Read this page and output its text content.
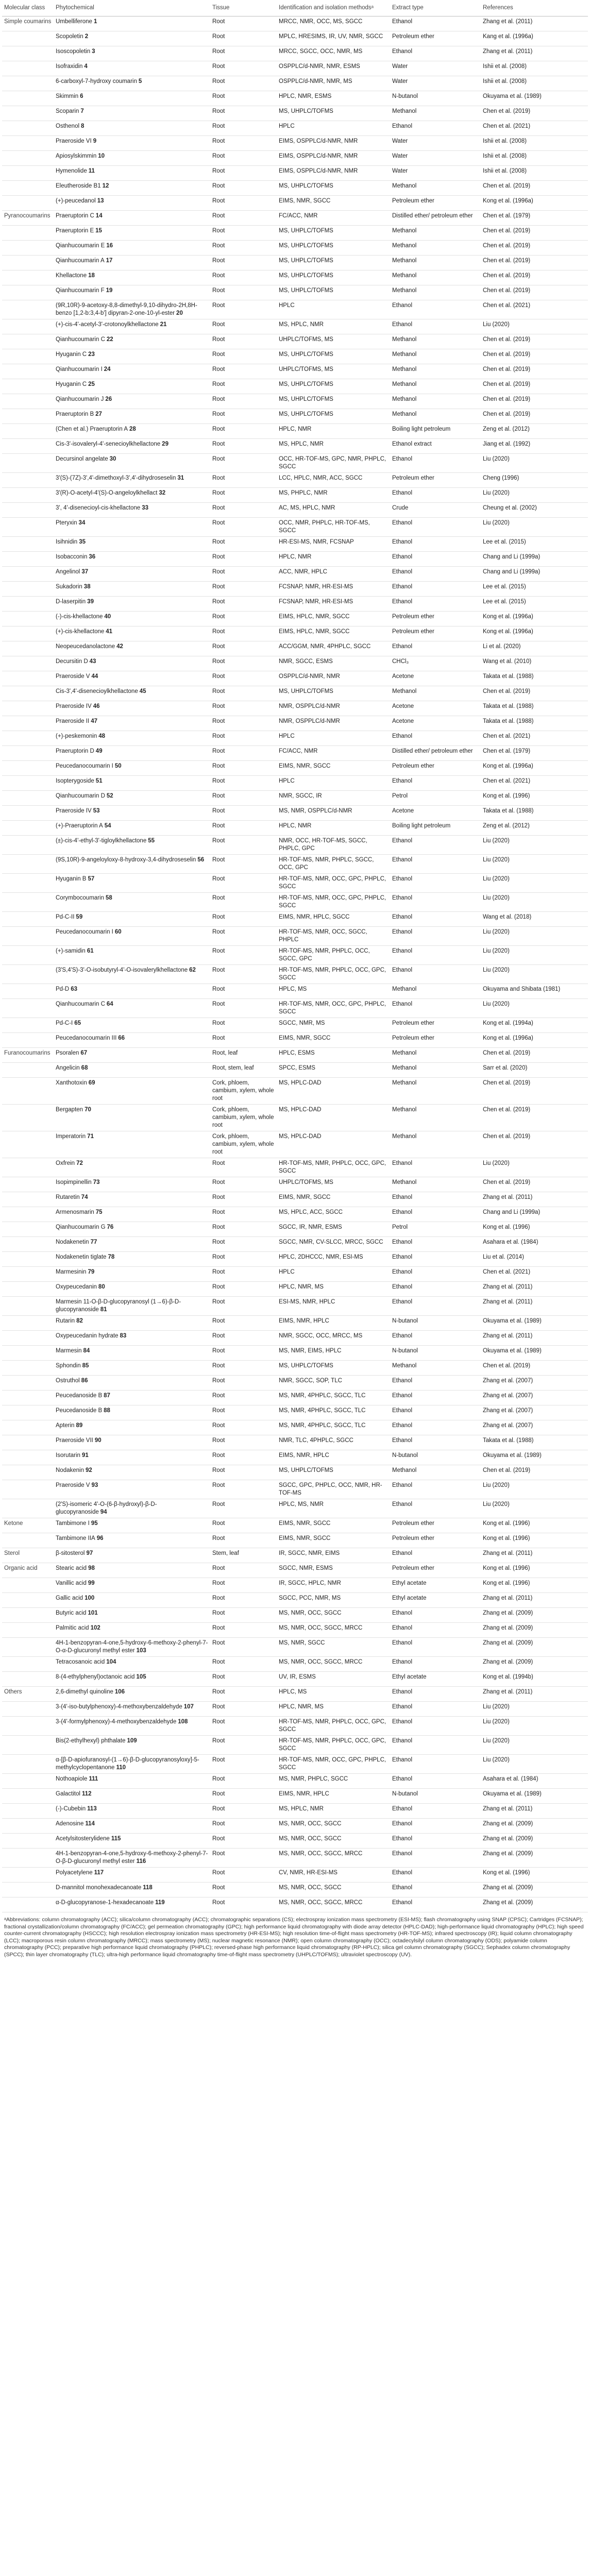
Molecular class	Phytochemical	Tissue	Identification and isolation methodsᵃ	Extract type	References
Simple coumarins	Umbelliferone 1	Root	MRCC, NMR, OCC, MS, SGCC	Ethanol	Zhang et al. (2011)
	Scopoletin 2	Root	MPLC, HRESIMS, IR, UV, NMR, SGCC	Petroleum ether	Kang et al. (1996a)
	Isoscopoletin 3	Root	MRCC, SGCC, OCC, NMR, MS	Ethanol	Zhang et al. (2011)
	Isofraxidin 4	Root	OSPPLC/d-NMR, NMR, ESMS	Water	Ishii et al. (2008)
	6-carboxyl-7-hydroxy coumarin 5	Root	OSPPLC/d-NMR, NMR, MS	Water	Ishii et al. (2008)
	Skimmin 6	Root	HPLC, NMR, ESMS	N-butanol	Okuyama et al. (1989)
	Scoparin 7	Root	MS, UHPLC/TOFMS	Methanol	Chen et al. (2019)
	Osthenol 8	Root	HPLC	Ethanol	Chen et al. (2021)
	Praeroside VI 9	Root	EIMS, OSPPLC/d-NMR, NMR	Water	Ishii et al. (2008)
	Apiosylskimmin 10	Root	EIMS, OSPPLC/d-NMR, NMR	Water	Ishii et al. (2008)
	Hymenolide 11	Root	EIMS, OSPPLC/d-NMR, NMR	Water	Ishii et al. (2008)
	Eleutheroside B1 12	Root	MS, UHPLC/TOFMS	Methanol	Chen et al. (2019)
	(+)-peucedanol 13	Root	EIMS, NMR, SGCC	Petroleum ether	Kong et al. (1996a)
Pyranocoumarins	Praeruptorin C 14	Root	FC/ACC, NMR	Distilled ether/ petroleum ether	Chen et al. (1979)
	Praeruptorin E 15	Root	MS, UHPLC/TOFMS	Methanol	Chen et al. (2019)
	Qianhucoumarin E 16	Root	MS, UHPLC/TOFMS	Methanol	Chen et al. (2019)
	Qianhucoumarin A 17	Root	MS, UHPLC/TOFMS	Methanol	Chen et al. (2019)
	Khellactone 18	Root	MS, UHPLC/TOFMS	Methanol	Chen et al. (2019)
	Qianhucoumarin F 19	Root	MS, UHPLC/TOFMS	Methanol	Chen et al. (2019)
	(9R,10R)-9-acetoxy-8,8-dimethyl-9,10-dihydro-2H,8H-benzo [1,2-b:3,4-b'] dipyran-2-one-10-yl-ester 20	Root	HPLC	Ethanol	Chen et al. (2021)
	(+)-cis-4'-acetyl-3'-crotonoylkhellactone 21	Root	MS, HPLC, NMR	Ethanol	Liu (2020)
	Qianhucoumarin C 22	Root	UHPLC/TOFMS, MS	Methanol	Chen et al. (2019)
	Hyuganin C 23	Root	MS, UHPLC/TOFMS	Methanol	Chen et al. (2019)
	Qianhucoumarin I 24	Root	UHPLC/TOFMS, MS	Methanol	Chen et al. (2019)
	Hyuganin C 25	Root	MS, UHPLC/TOFMS	Methanol	Chen et al. (2019)
	Qianhucoumarin J 26	Root	MS, UHPLC/TOFMS	Methanol	Chen et al. (2019)
	Praeruptorin B 27	Root	MS, UHPLC/TOFMS	Methanol	Chen et al. (2019)
	(Chen et al.) Praeruptorin A 28	Root	HPLC, NMR	Boiling light petroleum	Zeng et al. (2012)
	Cis-3'-isovaleryl-4'-senecioylkhellactone 29	Root	MS, HPLC, NMR	Ethanol extract	Jiang et al. (1992)
	Decursinol angelate 30	Root	OCC, HR-TOF-MS, GPC, NMR, PHPLC, SGCC	Ethanol	Liu (2020)
	3'(S)-(7Z)-3',4'-dimethoxyl-3',4'-dihydroseselin 31	Root	LCC, HPLC, NMR, ACC, SGCC	Petroleum ether	Cheng (1996)
	3'(R)-O-acetyl-4'(S)-O-angeloylkhellact 32	Root	MS, PHPLC, NMR	Ethanol	Liu (2020)
	3', 4'-disenecioyl-cis-khellactone 33	Root	AC, MS, HPLC, NMR	Crude	Cheung et al. (2002)
	Pteryxin 34	Root	OCC, NMR, PHPLC, HR-TOF-MS, SGCC	Ethanol	Liu (2020)
	Isihnidin 35	Root	HR-ESI-MS, NMR, FCSNAP	Ethanol	Lee et al. (2015)
	Isobacconin 36	Root	HPLC, NMR	Ethanol	Chang and Li (1999a)
	Angelinol 37	Root	ACC, NMR, HPLC	Ethanol	Chang and Li (1999a)
	Sukadorin 38	Root	FCSNAP, NMR, HR-ESI-MS	Ethanol	Lee et al. (2015)
	D-laserpitin 39	Root	FCSNAP, NMR, HR-ESI-MS	Ethanol	Lee et al. (2015)
	(-)-cis-khellactone 40	Root	EIMS, HPLC, NMR, SGCC	Petroleum ether	Kong et al. (1996a)
	(+)-cis-khellactone 41	Root	EIMS, HPLC, NMR, SGCC	Petroleum ether	Kong et al. (1996a)
	Neopeucedanolactone 42	Root	ACC/GGM, NMR, 4PHPLC, SGCC	Ethanol	Li et al. (2020)
	Decursitin D 43	Root	NMR, SGCC, ESMS	CHCl₃	Wang et al. (2010)
	Praeroside V 44	Root	OSPPLC/d-NMR, NMR	Acetone	Takata et al. (1988)
	Cis-3',4'-disenecioylkhellactone 45	Root	MS, UHPLC/TOFMS	Methanol	Chen et al. (2019)
	Praeroside IV 46	Root	NMR, OSPPLC/d-NMR	Acetone	Takata et al. (1988)
	Praeroside II 47	Root	NMR, OSPPLC/d-NMR	Acetone	Takata et al. (1988)
	(+)-peskemonin 48	Root	HPLC	Ethanol	Chen et al. (2021)
	Praeruptorin D 49	Root	FC/ACC, NMR	Distilled ether/ petroleum ether	Chen et al. (1979)
	Peucedanocoumarin I 50	Root	EIMS, NMR, SGCC	Petroleum ether	Kong et al. (1996a)
	Isopterygoside 51	Root	HPLC	Ethanol	Chen et al. (2021)
	Qianhucoumarin D 52	Root	NMR, SGCC, IR	Petrol	Kong et al. (1996)
	Praeroside IV 53	Root	MS, NMR, OSPPLC/d-NMR	Acetone	Takata et al. (1988)
	(+)-Praeruptorin A 54	Root	HPLC, NMR	Boiling light petroleum	Zeng et al. (2012)
	(±)-cis-4'-ethyl-3'-tigloylkhellactone 55	Root	NMR, OCC, HR-TOF-MS, SGCC, PHPLC, GPC	Ethanol	Liu (2020)
	(9S,10R)-9-angeloyloxy-8-hydroxy-3,4-dihydroseselin 56	Root	HR-TOF-MS, NMR, PHPLC, SGCC, OCC, GPC	Ethanol	Liu (2020)
	Hyuganin B 57	Root	HR-TOF-MS, NMR, OCC, GPC, PHPLC, SGCC	Ethanol	Liu (2020)
	Corymbocoumarin 58	Root	HR-TOF-MS, NMR, OCC, GPC, PHPLC, SGCC	Ethanol	Liu (2020)
	Pd-C-II 59	Root	EIMS, NMR, HPLC, SGCC	Ethanol	Wang et al. (2018)
	Peucedanocoumarin I 60	Root	HR-TOF-MS, NMR, OCC, SGCC, PHPLC	Ethanol	Liu (2020)
	(+)-samidin 61	Root	HR-TOF-MS, NMR, PHPLC, OCC, SGCC, GPC	Ethanol	Liu (2020)
	(3'S,4'S)-3'-O-isobutyryl-4'-O-isovalerylkhellactone 62	Root	HR-TOF-MS, NMR, PHPLC, OCC, GPC, SGCC	Ethanol	Liu (2020)
	Pd-D 63	Root	HPLC, MS	Methanol	Okuyama and Shibata (1981)
	Qianhucoumarin C 64	Root	HR-TOF-MS, NMR, OCC, GPC, PHPLC, SGCC	Ethanol	Liu (2020)
	Pd-C-I 65	Root	SGCC, NMR, MS	Petroleum ether	Kong et al. (1994a)
	Peucedanocoumarin III 66	Root	EIMS, NMR, SGCC	Petroleum ether	Kong et al. (1996a)
Furanocoumarins	Psoralen 67	Root, leaf	HPLC, ESMS	Methanol	Chen et al. (2019)
	Angelicin 68	Root, stem, leaf	SPCC, ESMS	Methanol	Sarr et al. (2020)
	Xanthotoxin 69	Cork, phloem, cambium, xylem, whole root	MS, HPLC-DAD	Methanol	Chen et al. (2019)
	Bergapten 70	Cork, phloem, cambium, xylem, whole root	MS, HPLC-DAD	Methanol	Chen et al. (2019)
	Imperatorin 71	Cork, phloem, cambium, xylem, whole root	MS, HPLC-DAD	Methanol	Chen et al. (2019)
	Oxfrein 72	Root	HR-TOF-MS, NMR, PHPLC, OCC, GPC, SGCC	Ethanol	Liu (2020)
	Isopimpinellin 73	Root	UHPLC/TOFMS, MS	Methanol	Chen et al. (2019)
	Rutaretin 74	Root	EIMS, NMR, SGCC	Ethanol	Zhang et al. (2011)
	Armenosmarin 75	Root	MS, HPLC, ACC, SGCC	Ethanol	Chang and Li (1999a)
	Qianhucoumarin G 76	Root	SGCC, IR, NMR, ESMS	Petrol	Kong et al. (1996)
	Nodakenetin 77	Root	SGCC, NMR, CV-SLCC, MRCC, SGCC	Ethanol	Asahara et al. (1984)
	Nodakenetin tiglate 78	Root	HPLC, 2DHCCC, NMR, ESI-MS	Ethanol	Liu et al. (2014)
	Marmesinin 79	Root	HPLC	Ethanol	Chen et al. (2021)
	Oxypeucedanin 80	Root	HPLC, NMR, MS	Ethanol	Zhang et al. (2011)
	Marmesin 11-O-β-D-glucopyranosyl (1→6)-β-D-glucopyranoside 81	Root	ESI-MS, NMR, HPLC	Ethanol	Zhang et al. (2011)
	Rutarin 82	Root	EIMS, NMR, HPLC	N-butanol	Okuyama et al. (1989)
	Oxypeucedanin hydrate 83	Root	NMR, SGCC, OCC, MRCC, MS	Ethanol	Zhang et al. (2011)
	Marmesin 84	Root	MS, NMR, EIMS, HPLC	N-butanol	Okuyama et al. (1989)
	Sphondin 85	Root	MS, UHPLC/TOFMS	Methanol	Chen et al. (2019)
	Ostruthol 86	Root	NMR, SGCC, SOP, TLC	Ethanol	Zhang et al. (2007)
	Peucedanoside B 87	Root	MS, NMR, 4PHPLC, SGCC, TLC	Ethanol	Zhang et al. (2007)
	Peucedanoside B 88	Root	MS, NMR, 4PHPLC, SGCC, TLC	Ethanol	Zhang et al. (2007)
	Apterin 89	Root	MS, NMR, 4PHPLC, SGCC, TLC	Ethanol	Zhang et al. (2007)
	Praeroside VII 90	Root	NMR, TLC, 4PHPLC, SGCC	Ethanol	Takata et al. (1988)
	Isorutarin 91	Root	EIMS, NMR, HPLC	N-butanol	Okuyama et al. (1989)
	Nodakenin 92	Root	MS, UHPLC/TOFMS	Methanol	Chen et al. (2019)
	Praeroside V 93	Root	SGCC, GPC, PHPLC, OCC, NMR, HR-TOF-MS	Ethanol	Liu (2020)
	(2'S)-isomeric 4'-O-(6-β-hydroxyl)-β-D-glucopyranoside 94	Root	HPLC, MS, NMR	Ethanol	Liu (2020)
Ketone	Tambimone I 95	Root	EIMS, NMR, SGCC	Petroleum ether	Kong et al. (1996)
	Tambimone IIA 96	Root	EIMS, NMR, SGCC	Petroleum ether	Kong et al. (1996)
Sterol	β-sitosterol 97	Stem, leaf	IR, SGCC, NMR, EIMS	Ethanol	Zhang et al. (2011)
Organic acid	Stearic acid 98	Root	SGCC, NMR, ESMS	Petroleum ether	Kong et al. (1996)
	Vanillic acid 99	Root	IR, SGCC, HPLC, NMR	Ethyl acetate	Kong et al. (1996)
	Gallic acid 100	Root	SGCC, PCC, NMR, MS	Ethyl acetate	Zhang et al. (2011)
	Butyric acid 101	Root	MS, NMR, OCC, SGCC	Ethanol	Zhang et al. (2009)
	Palmitic acid 102	Root	MS, NMR, OCC, SGCC, MRCC	Ethanol	Zhang et al. (2009)
	4H-1-benzopyran-4-one,5-hydroxy-6-methoxy-2-phenyl-7-O-α-D-glucuronyl methyl ester 103	Root	MS, NMR, SGCC	Ethanol	Zhang et al. (2009)
	Tetracosanoic acid 104	Root	MS, NMR, OCC, SGCC, MRCC	Ethanol	Zhang et al. (2009)
	8-(4-ethylphenyl)octanoic acid 105	Root	UV, IR, ESMS	Ethyl acetate	Kong et al. (1994b)
Others	2,6-dimethyl quinoline 106	Root	HPLC, MS	Ethanol	Zhang et al. (2011)
	3-(4'-iso-butylphenoxy)-4-methoxybenzaldehyde 107	Root	HPLC, NMR, MS	Ethanol	Liu (2020)
	3-(4'-formylphenoxy)-4-methoxybenzaldehyde 108	Root	HR-TOF-MS, NMR, PHPLC, OCC, GPC, SGCC	Ethanol	Liu (2020)
	Bis(2-ethylhexyl) phthalate 109	Root	HR-TOF-MS, NMR, PHPLC, OCC, GPC, SGCC	Ethanol	Liu (2020)
	α-[β-D-apiofuranosyl-(1→6)-β-D-glucopyranosyloxy]-5-methylcyclopentanone 110	Root	HR-TOF-MS, NMR, OCC, GPC, PHPLC, SGCC	Ethanol	Liu (2020)
	Nothoapiole 111	Root	MS, NMR, PHPLC, SGCC	Ethanol	Asahara et al. (1984)
	Galactitol 112	Root	EIMS, NMR, HPLC	N-butanol	Okuyama et al. (1989)
	(-)-Cubebin 113	Root	MS, HPLC, NMR	Ethanol	Zhang et al. (2011)
	Adenosine 114	Root	MS, NMR, OCC, SGCC	Ethanol	Zhang et al. (2009)
	Acetylsitosterylidene 115	Root	MS, NMR, OCC, SGCC	Ethanol	Zhang et al. (2009)
	4H-1-benzopyran-4-one,5-hydroxy-6-methoxy-2-phenyl-7-O-β-D-glucuronyl methyl ester 116	Root	MS, NMR, OCC, SGCC, MRCC	Ethanol	Zhang et al. (2009)
	Polyacetylene 117	Root	CV, NMR, HR-ESI-MS	Ethanol	Kong et al. (1996)
	D-mannitol monohexadecanoate 118	Root	MS, NMR, OCC, SGCC	Ethanol	Zhang et al. (2009)
	α-D-glucopyranose-1-hexadecanoate 119	Root	MS, NMR, OCC, SGCC, MRCC	Ethanol	Zhang et al. (2009)

ᵃAbbreviations: column chromatography (ACC); silica/column chromatography (ACC); chromatographic separations (CS); electrospray ionization mass spectrometry (ESI-MS); flash chromatography using SNAP (CPSC); Cartridges (FCSNAP); fractional crystallization/column chromatography (FC/ACC); gel permeation chromatography (GPC); high performance liquid chromatography with diode array detector (HPLC-DAD); high-performance liquid chromatography (HPLC); high speed counter-current chromatography (HSCCC); high resolution electrospray ionization mass spectrometry (HR-ESI-MS); high resolution time-of-flight mass spectrometry (HR-TOF-MS); infrared spectroscopy (IR); liquid column chromatography (LCC); macroporous resin column chromatography (MRCC); mass spectrometry (MS); nuclear magnetic resonance (NMR); open column chromatography (OCC); octadecylsilyl column chromatography (ODS); polyamide column chromatography (PCC); preparative high performance liquid chromatography (PHPLC); reversed-phase high performance liquid chromatography (RP-HPLC); silica gel column chromatography (SGCC); Sephadex column chromatography (SPCC); thin layer chromatography (TLC); ultra-high performance liquid chromatography time-of-flight mass spectrometry (UHPLC/TOFMS); ultraviolet spectroscopy (UV).
